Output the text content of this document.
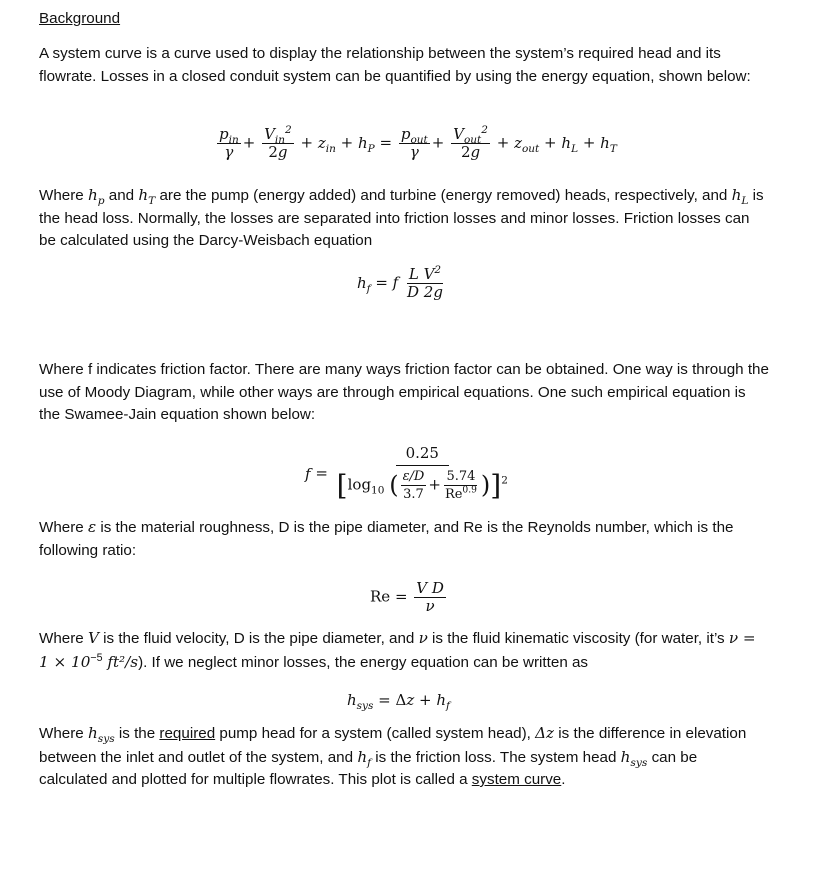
Background

A system curve is a curve used to display the relationship between the system’s required head and its flowrate. Losses in a closed conduit system can be quantified by using the energy equation, shown below:

$\frac{p_{in}}{\gamma} + \frac{V_{in}^2}{2g} + z_{in} + h_P = \frac{p_{out}}{\gamma} + \frac{V_{out}^2}{2g} + z_{out} + h_L + h_T$

Where $h_p$ and $h_T$ are the pump (energy added) and turbine (energy removed) heads, respectively, and $h_L$ is the head loss. Normally, the losses are separated into friction losses and minor losses. Friction losses can be calculated using the Darcy-Weisbach equation

$h_f = f \frac{L V^2}{D 2g}$

Where f indicates friction factor. There are many ways friction factor can be obtained. One way is through the use of Moody Diagram, while other ways are through empirical equations. One such empirical equation is the Swamee-Jain equation shown below:

$f = \frac{0.25}{[\log_{10} ( \frac{\varepsilon/D}{3.7} + \frac{5.74}{Re^{0.9}} )]^2}$

Where ε is the material roughness, D is the pipe diameter, and Re is the Reynolds number, which is the following ratio:

$Re = \frac{\text{V D}}{\nu}$

Where V is the fluid velocity, D is the pipe diameter, and ν is the fluid kinematic viscosity (for water, it’s $\nu = 1 \times 10^{-5}$ ft²/s). If we neglect minor losses, the energy equation can be written as

$h_{sys} = \Delta z + h_f$

Where $h_{sys}$ is the required pump head for a system (called system head), Δz is the difference in elevation between the inlet and outlet of the system, and $h_f$ is the friction loss. The system head $h_{sys}$ can be calculated and plotted for multiple flowrates. This plot is called a system curve.
